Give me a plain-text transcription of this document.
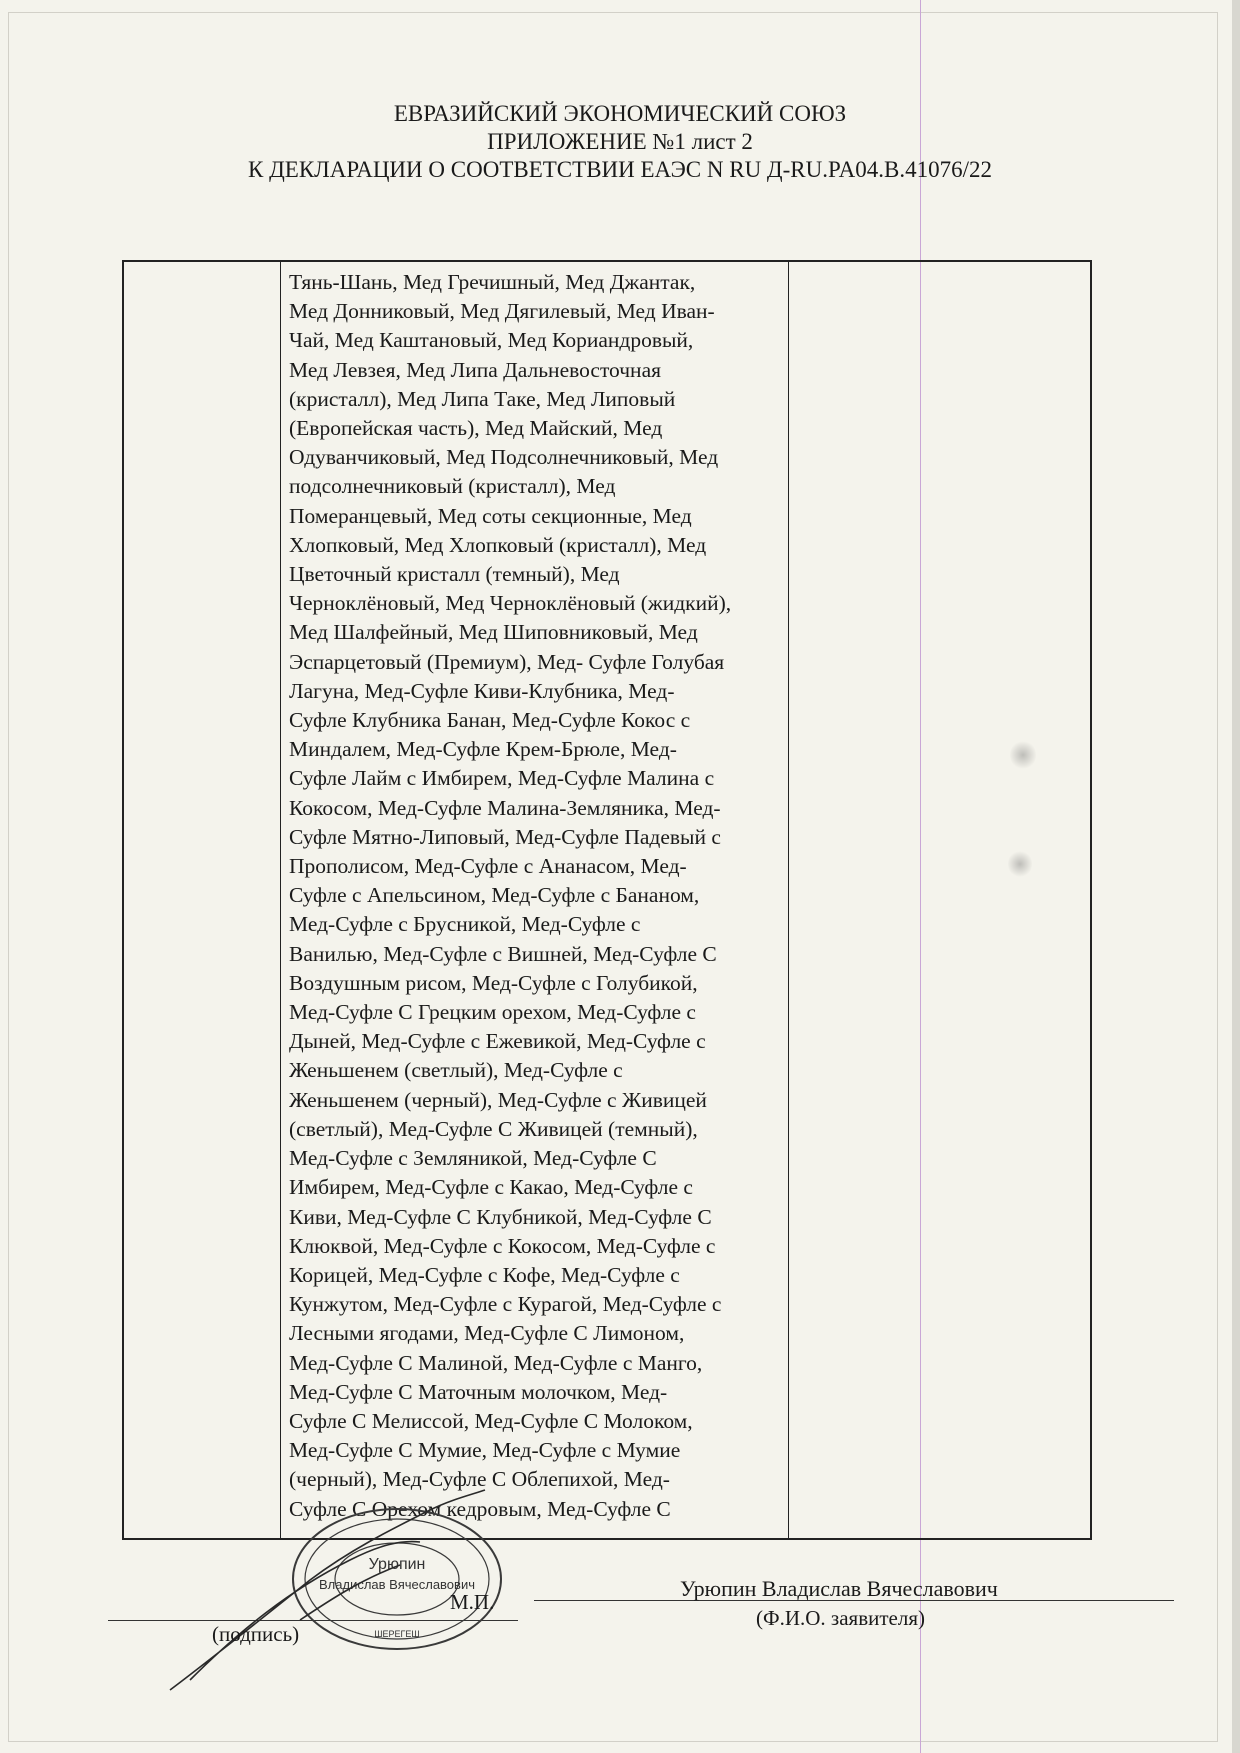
ЕВРАЗИЙСКИЙ ЭКОНОМИЧЕСКИЙ СОЮЗ
ПРИЛОЖЕНИЕ №1 лист 2
К ДЕКЛАРАЦИИ О СООТВЕТСТВИИ ЕАЭС N RU Д-RU.PA04.B.41076/22
Тянь-Шань, Мед Гречишный, Мед Джантак,
Мед Донниковый, Мед Дягилевый, Мед Иван-
Чай, Мед Каштановый, Мед Кориандровый,
Мед Левзея, Мед Липа Дальневосточная
(кристалл), Мед Липа Таке, Мед Липовый
(Европейская часть), Мед Майский, Мед
Одуванчиковый, Мед Подсолнечниковый, Мед
подсолнечниковый (кристалл), Мед
Померанцевый, Мед соты секционные, Мед
Хлопковый, Мед Хлопковый (кристалл), Мед
Цветочный кристалл (темный), Мед
Черноклёновый, Мед Черноклёновый (жидкий),
Мед Шалфейный, Мед Шиповниковый, Мед
Эспарцетовый (Премиум), Мед- Суфле Голубая
Лагуна, Мед-Суфле Киви-Клубника, Мед-
Суфле Клубника Банан, Мед-Суфле Кокос с
Миндалем, Мед-Суфле Крем-Брюле, Мед-
Суфле Лайм с Имбирем, Мед-Суфле Малина с
Кокосом, Мед-Суфле Малина-Земляника, Мед-
Суфле Мятно-Липовый, Мед-Суфле Падевый с
Прополисом, Мед-Суфле с Ананасом, Мед-
Суфле с Апельсином, Мед-Суфле с Бананом,
Мед-Суфле с Брусникой, Мед-Суфле с
Ванилью, Мед-Суфле с Вишней, Мед-Суфле С
Воздушным рисом, Мед-Суфле с Голубикой,
Мед-Суфле С Грецким орехом, Мед-Суфле с
Дыней, Мед-Суфле с Ежевикой, Мед-Суфле с
Женьшенем (светлый), Мед-Суфле с
Женьшенем (черный), Мед-Суфле с Живицей
(светлый), Мед-Суфле С Живицей (темный),
Мед-Суфле с Земляникой, Мед-Суфле С
Имбирем, Мед-Суфле с Какао, Мед-Суфле с
Киви, Мед-Суфле С Клубникой, Мед-Суфле С
Клюквой, Мед-Суфле с Кокосом, Мед-Суфле с
Корицей, Мед-Суфле с Кофе, Мед-Суфле с
Кунжутом, Мед-Суфле с Курагой, Мед-Суфле с
Лесными ягодами, Мед-Суфле С Лимоном,
Мед-Суфле С Малиной, Мед-Суфле с Манго,
Мед-Суфле С Маточным молочком, Мед-
Суфле С Мелиссой, Мед-Суфле С Молоком,
Мед-Суфле С Мумие, Мед-Суфле с Мумие
(черный), Мед-Суфле С Облепихой, Мед-
Суфле С Орехом кедровым, Мед-Суфле С
Урюпин
Владислав Вячеславович
ШЕРЕГЕШ
М.П.
(подпись)
Урюпин Владислав Вячеславович
(Ф.И.О. заявителя)
